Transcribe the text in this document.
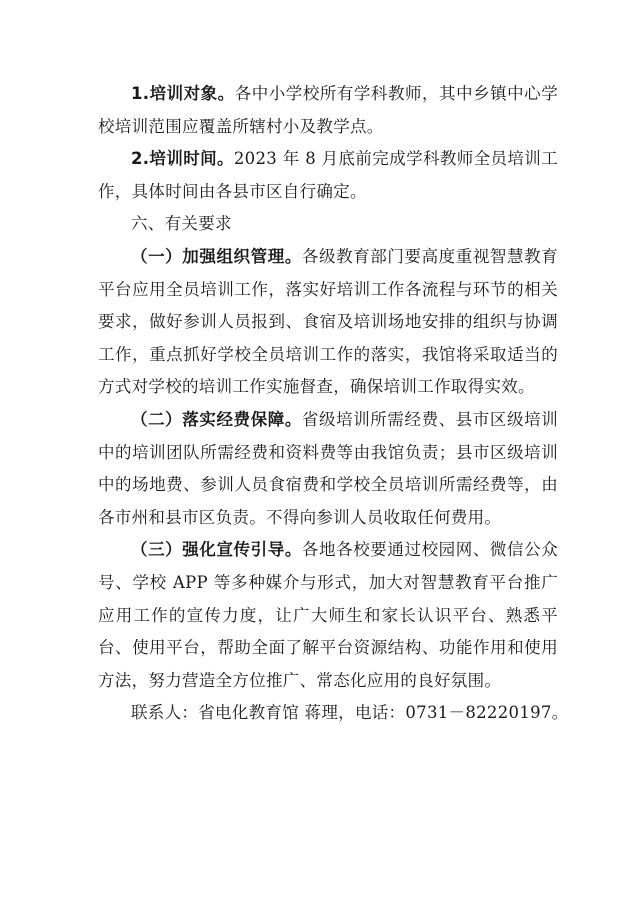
1.培训对象。各中小学校所有学科教师，其中乡镇中心学校培训范围应覆盖所辖村小及教学点。

2.培训时间。2023 年 8 月底前完成学科教师全员培训工作，具体时间由各县市区自行确定。

六、有关要求

（一）加强组织管理。各级教育部门要高度重视智慧教育平台应用全员培训工作，落实好培训工作各流程与环节的相关要求，做好参训人员报到、食宿及培训场地安排的组织与协调工作，重点抓好学校全员培训工作的落实，我馆将采取适当的方式对学校的培训工作实施督查，确保培训工作取得实效。

（二）落实经费保障。省级培训所需经费、县市区级培训中的培训团队所需经费和资料费等由我馆负责；县市区级培训中的场地费、参训人员食宿费和学校全员培训所需经费等，由各市州和县市区负责。不得向参训人员收取任何费用。

（三）强化宣传引导。各地各校要通过校园网、微信公众号、学校 APP 等多种媒介与形式，加大对智慧教育平台推广应用工作的宣传力度，让广大师生和家长认识平台、熟悉平台、使用平台，帮助全面了解平台资源结构、功能作用和使用方法，努力营造全方位推广、常态化应用的良好氛围。

联系人：省电化教育馆 蒋理，电话：0731－82220197。
